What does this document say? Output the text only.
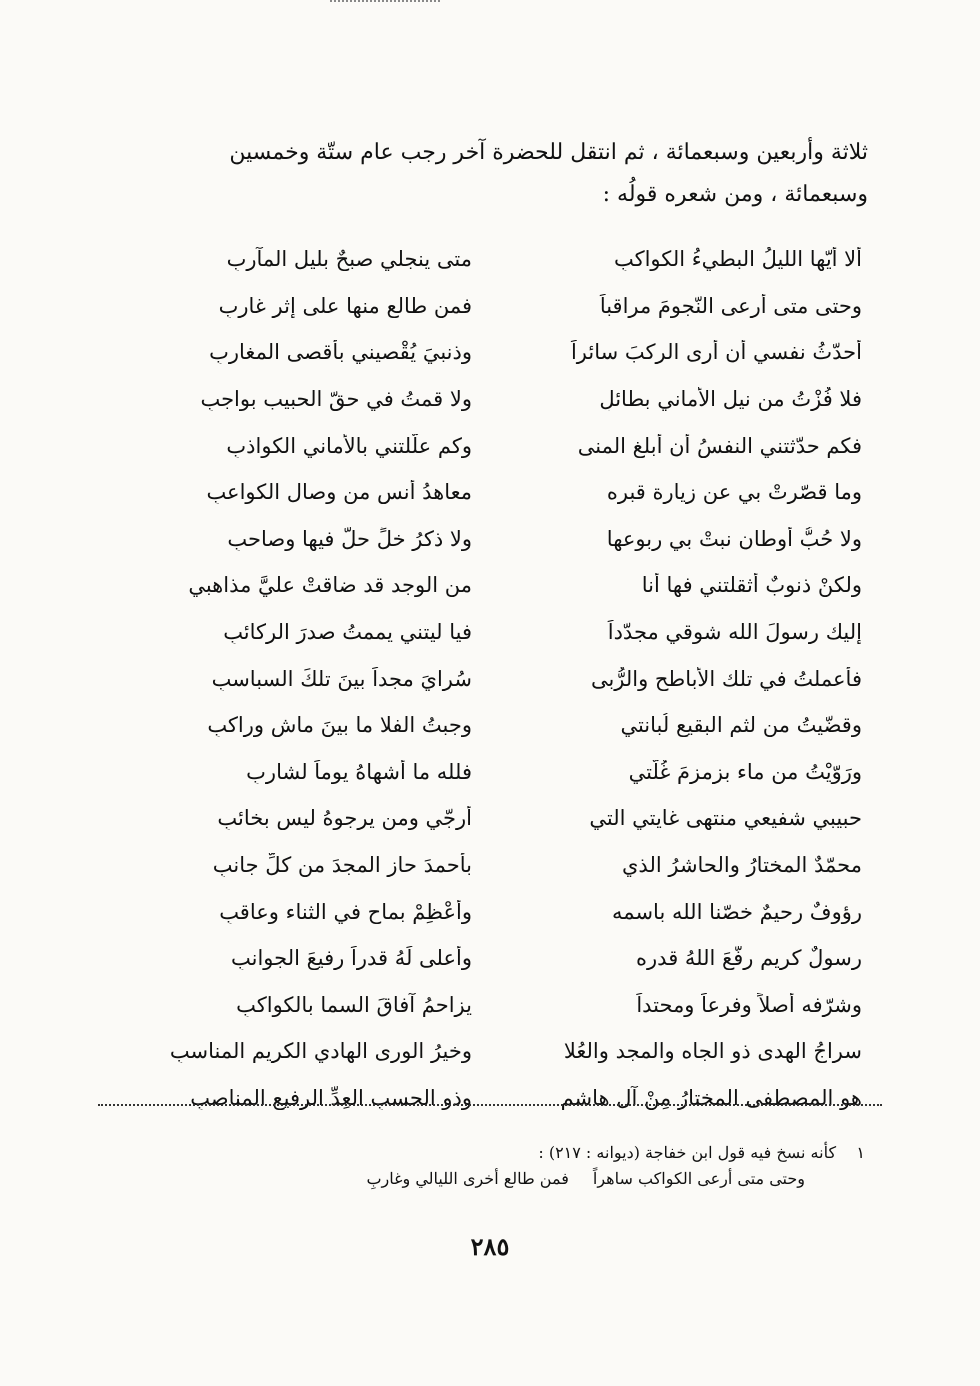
ثلاثة وأربعين وسبعمائة ، ثم انتقل للحضرة آخر رجب عام ستّة وخمسين
وسبعمائة ، ومن شعره قولُه :
ألا أيّها الليلُ البطيءُ الكواكبِ
متى ينجلي صبحٌ بليل المآربِ
وحتى متى أرعى النّجومَ مراقباً
فمن طالع منها على إثر غاربِ
أُحدّثُ نفسي أن أرى الركبَ سائراً
وذنبيَ يُقْصيني بأقصى المغاربِ
فلا فُزْتُ من نيل الأماني بطائلٍ
ولا قمتُ في حقّ الحبيب بواجبِ
فكم حدّثتني النفسُ أن أبلغ المنى
وكم علّلتني بالأماني الكواذبِ
وما قصّرتْ بي عن زيارة قبره
معاهدُ أُنس من وصال الكواعبِ
ولا حُبُّ أوطان نبتْ بي ربوعها
ولا ذكرُ خلٍّ حلَّ فيها وصاحبِ
ولكنْ ذنوبٌ أثقلتني فها أنا
من الوجد قد ضاقتْ عليَّ مذاهبي
إليك رسولَ الله شوقي مجدّداً
فيا ليتني يممتُ صدرَ الركائبِ
فأعملتُ في تلك الأباطح والرُّبى
سُرايَ مجداً بينَ تلكَ السباسبِ
وقضّيتُ من لثم البقيع لُبانتي
وجبتُ الفلا ما بينَ ماشٍ وراكبِ
ورَوّيْتُ من ماء بزمزمَ غُلّتي
فلله ما أشهاهُ يوماً لشاربِ
حبيبي شفيعي منتهى غايتي التي
أُرجّي ومن يرجوهُ ليس بخائبِ
محمّدٌ المختارُ والحاشرُ الذي
بأحمدَ حاز المجدَ من كلِّ جانبِ
رؤوفٌ رحيمٌ خصّنا الله باسمه
وأعْظِمْ بماحٍ في الثناء وعاقبِ
رسولٌ كريم رفّعَ اللهُ قدره
وأعلى لَهُ قدراً رفيعَ الجوانبِ
وشرّفه أصلاً وفرعاً ومحتداً
يزاحمُ آفاقَ السما بالكواكبِ
سراجُ الهدى ذو الجاه والمجد والعُلا
وخيرُ الورى الهادي الكريم المناسبِ
هو المصطفى المختارُ مِنْ آل هاشمٍ
وذو الحسبِ العِدِّ الرفيع المناصبِ
١    كأنه نسخ فيه قول ابن خفاجة (ديوانه : ٢١٧) :
وحتى متى أرعى الكواكب ساهراً
فمن طالع أخرى الليالي وغاربِ
٢٨٥
